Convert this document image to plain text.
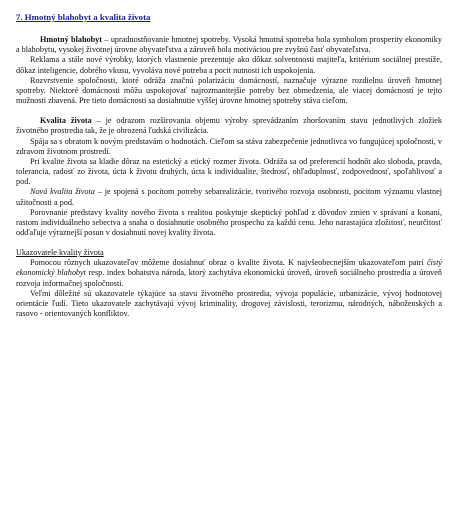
7. Hmotný blahobyt a kvalita života

Hmotný blahobyt – upradnostňovanie hmotnej spotreby. Vysoká hmotná spotreba bola symbolom prosperity ekonomiky a blahobytu, vysokej životnej úrovne obyvateľstva a zároveň bola motiváciou pre zvyšnú časť obyvateľstva.

Reklama a stále nové výrobky, ktorých vlastnenie prezentuje ako dôkaz solventnosti majiteľa, kritérium sociálnej prestíže, dôkaz inteligencie, dobrého vkusu, vyvoláva nové potreba a pocit nutnosti ich uspokojenia.

Rozvrstvenie spoločnosti, ktoré odráža značnú polarizáciu domácností, naznačuje výrazne rozdielnu úroveň hmotnej spotreby. Niektoré domácnosti môžu uspokojovať najrozmanitejšie potreby bez obmedzenia, ale viacej domácností je tejto možnosti zbavená. Pre tieto domácnosti sa dosiahnutie vyššej úrovne hmotnej spotreby stáva cieľom.

Kvalita života – je odrazom rozširovania objemu výroby sprevádzaním zhoršovaním stavu jednotlivých zložiek životného prostredia tak, že je ohrozená ľudská civilizácia.

Spája sa s obratom k novým predstavám o hodnotách. Cieľom sa stáva zabezpečenie jednotlivca vo fungujúcej spoločnosti, v zdravom životnom prostredí.

Pri kvalite života sa kladie dôraz na estetický a etický rozmer života. Odráža sa od preferencií hodnôt ako sloboda, pravda, tolerancia, radosť zo života, úcta k životu druhých, úcta k individualite, štedrosť, ohľaduplnosť, zodpovednosť, spoľahlivosť a pod.

Nová kvalita života – je spojená s pocitom potreby sebarealizácie, tvorivého rozvoja osobnosti, pocitom významu vlastnej užitočnosti a pod.

Porovnanie predstavy kvality nového života s realitou poskytuje skeptický pohľad z dôvodov zmien v správaní a konaní, rastom individuálneho sebectva a snaha o dosiahnutie osobného prospechu za každú cenu. Jeho narastajúca zložitosť, neurčitosť odďaľuje výraznejší posun v dosiahnutí novej kvality života.

Ukazovatele kvality života

Pomocou rôznych ukazovateľov môžeme dosiahnuť obraz o kvalite života. K najvšeobecnejším ukazovateľom patrí čistý ekonomický blahobyt resp. index bohatstva národa, ktorý zachytáva ekonomickú úroveň, úroveň sociálneho prostredia a úroveň rozvoja informačnej spoločnosti.

Veľmi dôležité sú ukazovatele týkajúce sa stavu životného prostredia, vývoja populácie, urbanizácie, vývoj hodnotovej orientácie ľudí. Tieto ukazovatele zachytávajú vývoj kriminality, drogovej závislosti, terorizmu, národných, náboženských a rasovo - orientovaných konfliktov.
